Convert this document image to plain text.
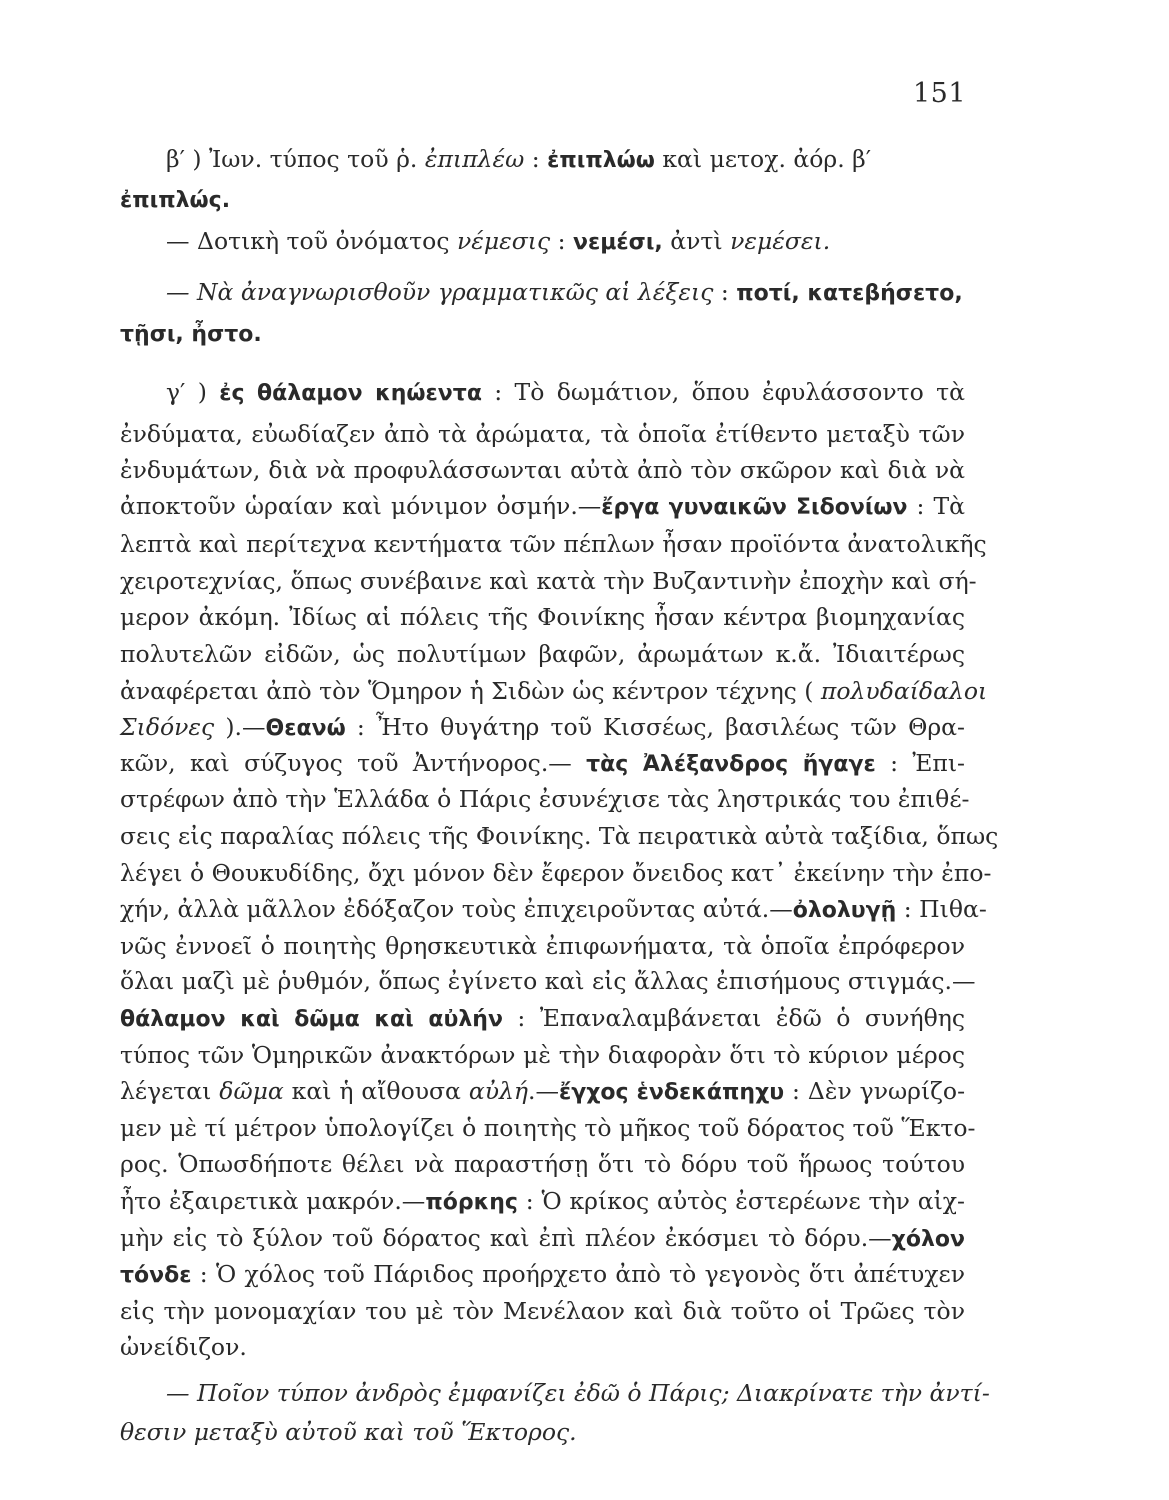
151
β′ ) Ἰων. τύπος τοῦ ῥ. ἐπιπλέω : ἐπιπλώω καὶ μετοχ. ἀόρ. β′
ἐπιπλώς.
— Δοτικὴ τοῦ ὀνόματος νέμεσις : νεμέσι, ἀντὶ νεμέσει.
— Νὰ ἀναγνωρισθοῦν γραμματικῶς αἱ λέξεις : ποτί, κατεβήσετο,
τῇσι, ἦστο.
γ′ ) ἐς θάλαμον κηώεντα : Τὸ δωμάτιον, ὅπου ἐφυλάσσοντο τὰ
ἐνδύματα, εὐωδίαζεν ἀπὸ τὰ ἀρώματα, τὰ ὁποῖα ἐτίθεντο μεταξὺ τῶν
ἐνδυμάτων, διὰ νὰ προφυλάσσωνται αὐτὰ ἀπὸ τὸν σκῶρον καὶ διὰ νὰ
ἀποκτοῦν ὡραίαν καὶ μόνιμον ὀσμήν.—ἔργα γυναικῶν Σιδονίων : Τὰ
λεπτὰ καὶ περίτεχνα κεντήματα τῶν πέπλων ἦσαν προϊόντα ἀνατολικῆς
χειροτεχνίας, ὅπως συνέβαινε καὶ κατὰ τὴν Βυζαντινὴν ἐποχὴν καὶ σή-
μερον ἀκόμη. Ἰδίως αἱ πόλεις τῆς Φοινίκης ἦσαν κέντρα βιομηχανίας
πολυτελῶν εἰδῶν, ὡς πολυτίμων βαφῶν, ἀρωμάτων κ.ἄ. Ἰδιαιτέρως
ἀναφέρεται ἀπὸ τὸν Ὅμηρον ἡ Σιδὼν ὡς κέντρον τέχνης ( πολυδαίδαλοι
Σιδόνες ).—Θεανώ : Ἦτο θυγάτηρ τοῦ Κισσέως, βασιλέως τῶν Θρα-
κῶν, καὶ σύζυγος τοῦ Ἀντήνορος.— τὰς Ἀλέξανδρος ἤγαγε : Ἐπι-
στρέφων ἀπὸ τὴν Ἑλλάδα ὁ Πάρις ἐσυνέχισε τὰς ληστρικάς του ἐπιθέ-
σεις εἰς παραλίας πόλεις τῆς Φοινίκης. Τὰ πειρατικὰ αὐτὰ ταξίδια, ὅπως
λέγει ὁ Θουκυδίδης, ὄχι μόνον δὲν ἔφερον ὄνειδος κατ᾽ ἐκείνην τὴν ἐπο-
χήν, ἀλλὰ μᾶλλον ἐδόξαζον τοὺς ἐπιχειροῦντας αὐτά.—ὀλολυγῇ : Πιθα-
νῶς ἐννοεῖ ὁ ποιητὴς θρησκευτικὰ ἐπιφωνήματα, τὰ ὁποῖα ἐπρόφερον
ὅλαι μαζὶ μὲ ῥυθμόν, ὅπως ἐγίνετο καὶ εἰς ἄλλας ἐπισήμους στιγμάς.—
θάλαμον καὶ δῶμα καὶ αὐλήν : Ἐπαναλαμβάνεται ἐδῶ ὁ συνήθης
τύπος τῶν Ὁμηρικῶν ἀνακτόρων μὲ τὴν διαφορὰν ὅτι τὸ κύριον μέρος
λέγεται δῶμα καὶ ἡ αἴθουσα αὐλή.—ἔγχος ἑνδεκάπηχυ : Δὲν γνωρίζο-
μεν μὲ τί μέτρον ὑπολογίζει ὁ ποιητὴς τὸ μῆκος τοῦ δόρατος τοῦ Ἕκτο-
ρος. Ὁπωσδήποτε θέλει νὰ παραστήσῃ ὅτι τὸ δόρυ τοῦ ἥρωος τούτου
ἦτο ἐξαιρετικὰ μακρόν.—πόρκης : Ὁ κρίκος αὐτὸς ἐστερέωνε τὴν αἰχ-
μὴν εἰς τὸ ξύλον τοῦ δόρατος καὶ ἐπὶ πλέον ἐκόσμει τὸ δόρυ.—χόλον
τόνδε : Ὁ χόλος τοῦ Πάριδος προήρχετο ἀπὸ τὸ γεγονὸς ὅτι ἀπέτυχεν
εἰς τὴν μονομαχίαν του μὲ τὸν Μενέλαον καὶ διὰ τοῦτο οἱ Τρῶες τὸν
ὠνείδιζον.
— Ποῖον τύπον ἀνδρὸς ἐμφανίζει ἐδῶ ὁ Πάρις; Διακρίνατε τὴν ἀντί-
θεσιν μεταξὺ αὐτοῦ καὶ τοῦ Ἕκτορος.
